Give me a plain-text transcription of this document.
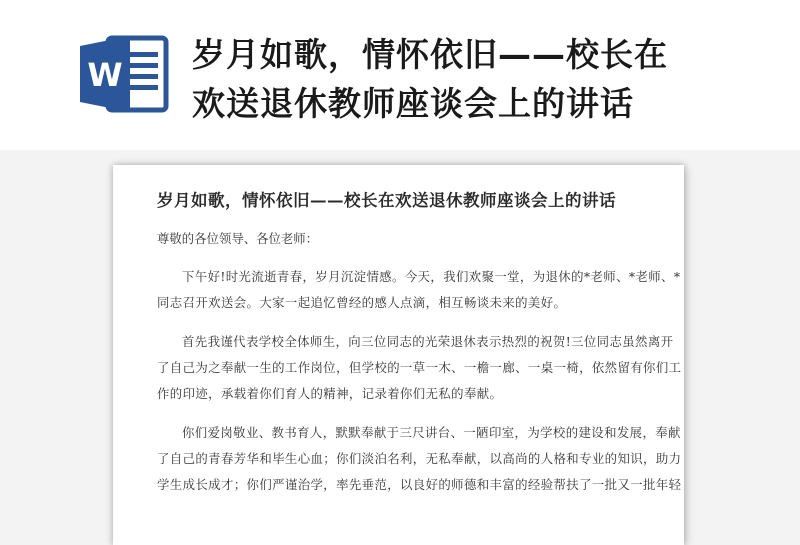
W
岁月如歌，情怀依旧——校长在
欢送退休教师座谈会上的讲话
岁月如歌，情怀依旧——校长在欢送退休教师座谈会上的讲话

尊敬的各位领导、各位老师：

下午好!时光流逝青春，岁月沉淀情感。今天，我们欢聚一堂，为退休的*老师、*老师、*
同志召开欢送会。大家一起追忆曾经的感人点滴，相互畅谈未来的美好。
首先我谨代表学校全体师生，向三位同志的光荣退休表示热烈的祝贺!三位同志虽然离开
了自己为之奉献一生的工作岗位，但学校的一草一木、一檐一廊、一桌一椅，依然留有你们工
作的印迹，承载着你们育人的精神，记录着你们无私的奉献。
你们爱岗敬业、教书育人，默默奉献于三尺讲台、一陋印室，为学校的建设和发展，奉献
了自己的青春芳华和毕生心血；你们淡泊名利，无私奉献，以高尚的人格和专业的知识，助力
学生成长成才；你们严谨治学，率先垂范，以良好的师德和丰富的经验帮扶了一批又一批年轻
